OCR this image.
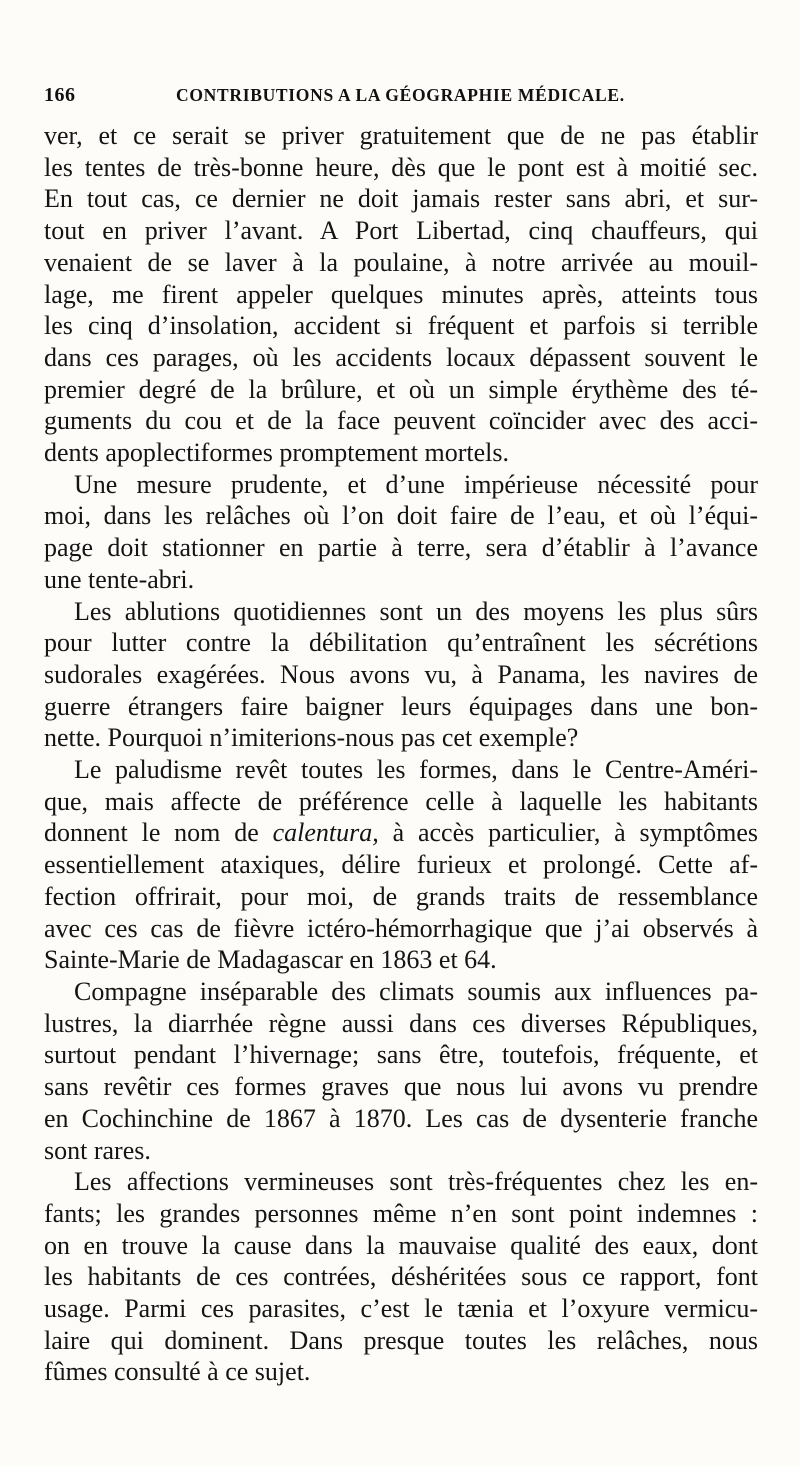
166	CONTRIBUTIONS A LA GÉOGRAPHIE MÉDICALE.
ver, et ce serait se priver gratuitement que de ne pas établir
les tentes de très-bonne heure, dès que le pont est à moitié sec.
En tout cas, ce dernier ne doit jamais rester sans abri, et sur-
tout en priver l’avant. A Port Libertad, cinq chauffeurs, qui
venaient de se laver à la poulaine, à notre arrivée au mouil-
lage, me firent appeler quelques minutes après, atteints tous
les cinq d’insolation, accident si fréquent et parfois si terrible
dans ces parages, où les accidents locaux dépassent souvent le
premier degré de la brûlure, et où un simple érythème des té-
guments du cou et de la face peuvent coïncider avec des acci-
dents apoplectiformes promptement mortels.
Une mesure prudente, et d’une impérieuse nécessité pour
moi, dans les relâches où l’on doit faire de l’eau, et où l’équi-
page doit stationner en partie à terre, sera d’établir à l’avance
une tente-abri.
Les ablutions quotidiennes sont un des moyens les plus sûrs
pour lutter contre la débilitation qu’entraînent les sécrétions
sudorales exagérées. Nous avons vu, à Panama, les navires de
guerre étrangers faire baigner leurs équipages dans une bon-
nette. Pourquoi n’imiterions-nous pas cet exemple?
Le paludisme revêt toutes les formes, dans le Centre-Améri-
que, mais affecte de préférence celle à laquelle les habitants
donnent le nom de calentura, à accès particulier, à symptômes
essentiellement ataxiques, délire furieux et prolongé. Cette af-
fection offrirait, pour moi, de grands traits de ressemblance
avec ces cas de fièvre ictéro-hémorrhagique que j’ai observés à
Sainte-Marie de Madagascar en 1863 et 64.
Compagne inséparable des climats soumis aux influences pa-
lustres, la diarrhée règne aussi dans ces diverses Républiques,
surtout pendant l’hivernage; sans être, toutefois, fréquente, et
sans revêtir ces formes graves que nous lui avons vu prendre
en Cochinchine de 1867 à 1870. Les cas de dysenterie franche
sont rares.
Les affections vermineuses sont très-fréquentes chez les en-
fants; les grandes personnes même n’en sont point indemnes :
on en trouve la cause dans la mauvaise qualité des eaux, dont
les habitants de ces contrées, déshéritées sous ce rapport, font
usage. Parmi ces parasites, c’est le tænia et l’oxyure vermicu-
laire qui dominent. Dans presque toutes les relâches, nous
fûmes consulté à ce sujet.
